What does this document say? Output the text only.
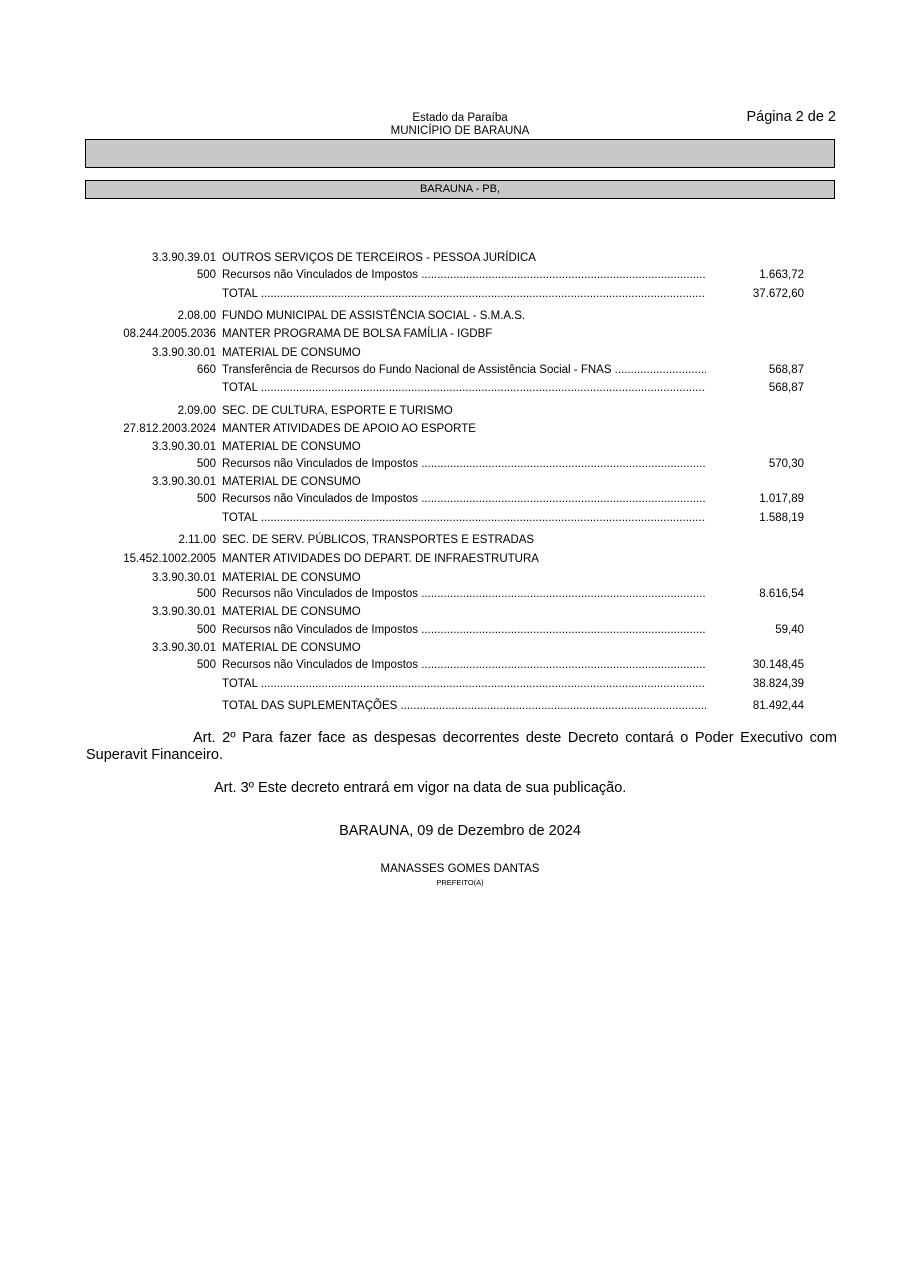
Estado da Paraíba
MUNICÍPIO DE BARAUNA
Página 2 de 2
BARAUNA - PB,
3.3.90.39.01 OUTROS SERVIÇOS DE TERCEIROS - PESSOA JURÍDICA
500 Recursos não Vinculados de Impostos .....	1.663,72
TOTAL .....	37.672,60
2.08.00 FUNDO MUNICIPAL DE ASSISTÊNCIA SOCIAL - S.M.A.S.
08.244.2005.2036 MANTER PROGRAMA DE BOLSA FAMÍLIA - IGDBF
3.3.90.30.01 MATERIAL DE CONSUMO
660 Transferência de Recursos do Fundo Nacional de Assistência Social - FNAS .....	568,87
TOTAL .....	568,87
2.09.00 SEC. DE CULTURA, ESPORTE E TURISMO
27.812.2003.2024 MANTER ATIVIDADES DE APOIO AO ESPORTE
3.3.90.30.01 MATERIAL DE CONSUMO
500 Recursos não Vinculados de Impostos .....	570,30
3.3.90.30.01 MATERIAL DE CONSUMO
500 Recursos não Vinculados de Impostos .....	1.017,89
TOTAL .....	1.588,19
2.11.00 SEC. DE SERV. PÚBLICOS, TRANSPORTES E ESTRADAS
15.452.1002.2005 MANTER ATIVIDADES DO DEPART. DE INFRAESTRUTURA
3.3.90.30.01 MATERIAL DE CONSUMO
500 Recursos não Vinculados de Impostos .....	8.616,54
3.3.90.30.01 MATERIAL DE CONSUMO
500 Recursos não Vinculados de Impostos .....	59,40
3.3.90.30.01 MATERIAL DE CONSUMO
500 Recursos não Vinculados de Impostos .....	30.148,45
TOTAL .....	38.824,39
TOTAL DAS SUPLEMENTAÇÕES .....	81.492,44
Art. 2º Para fazer face as despesas decorrentes deste Decreto contará o Poder Executivo com Superavit Financeiro.
Art. 3º Este decreto entrará em vigor na data de sua publicação.
BARAUNA, 09 de Dezembro de 2024
MANASSES GOMES DANTAS
PREFEITO(A)
